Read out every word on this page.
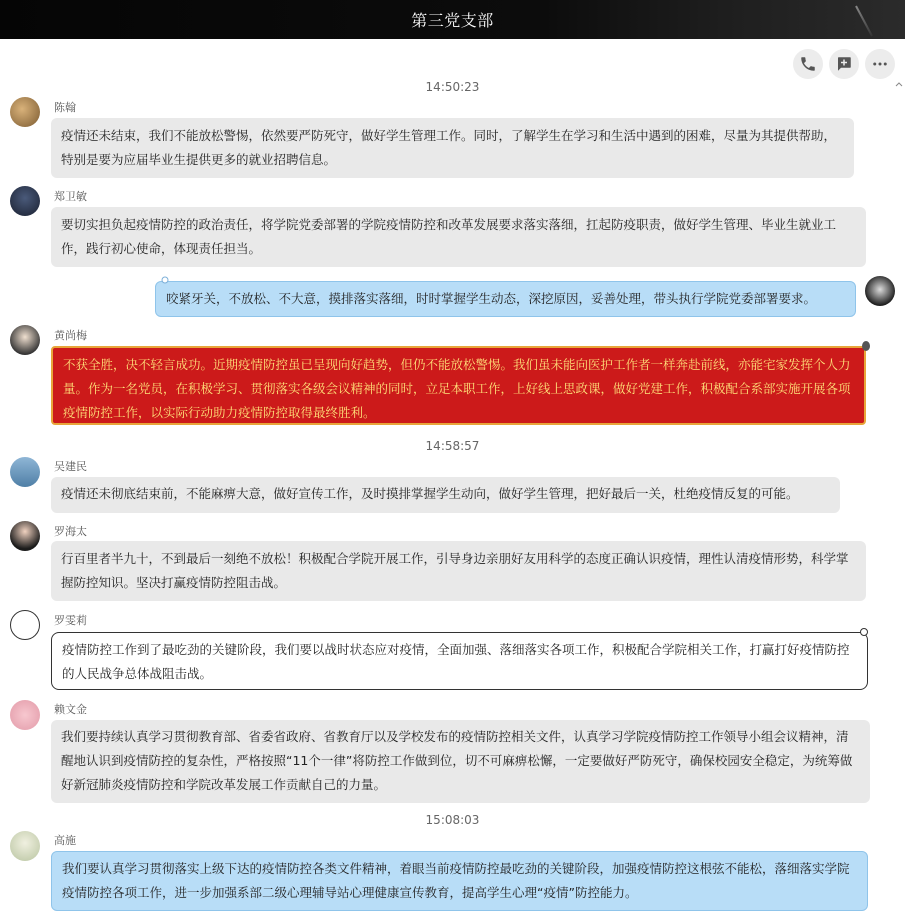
第三党支部
14:50:23
陈翰
疫情还未结束，我们不能放松警惕，依然要严防死守，做好学生管理工作。同时，了解学生在学习和生活中遇到的困难，尽量为其提供帮助，特别是要为应届毕业生提供更多的就业招聘信息。
郑卫敏
要切实担负起疫情防控的政治责任，将学院党委部署的学院疫情防控和改革发展要求落实落细，扛起防疫职责，做好学生管理、毕业生就业工作，践行初心使命，体现责任担当。
咬紧牙关，不放松、不大意，摸排落实落细，时时掌握学生动态，深挖原因，妥善处理，带头执行学院党委部署要求。
黄尚梅
不获全胜，决不轻言成功。近期疫情防控虽已呈现向好趋势，但仍不能放松警惕。我们虽未能向医护工作者一样奔赴前线，亦能宅家发挥个人力量。作为一名党员，在积极学习、贯彻落实各级会议精神的同时，立足本职工作，上好线上思政课，做好党建工作，积极配合系部实施开展各项疫情防控工作，以实际行动助力疫情防控取得最终胜利。
14:58:57
吴建民
疫情还未彻底结束前，不能麻痹大意，做好宣传工作，及时摸排掌握学生动向，做好学生管理，把好最后一关，杜绝疫情反复的可能。
罗海太
行百里者半九十，不到最后一刻绝不放松！积极配合学院开展工作，引导身边亲朋好友用科学的态度正确认识疫情，理性认清疫情形势，科学掌握防控知识。坚决打赢疫情防控阻击战。
罗雯莉
疫情防控工作到了最吃劲的关键阶段，我们要以战时状态应对疫情，全面加强、落细落实各项工作，积极配合学院相关工作，打赢打好疫情防控的人民战争总体战阻击战。
赖文金
我们要持续认真学习贯彻教育部、省委省政府、省教育厅以及学校发布的疫情防控相关文件，认真学习学院疫情防控工作领导小组会议精神，清醒地认识到疫情防控的复杂性，严格按照“11个一律”将防控工作做到位，切不可麻痹松懈，一定要做好严防死守，确保校园安全稳定，为统筹做好新冠肺炎疫情防控和学院改革发展工作贡献自己的力量。
15:08:03
高施
我们要认真学习贯彻落实上级下达的疫情防控各类文件精神，着眼当前疫情防控最吃劲的关键阶段，加强疫情防控这根弦不能松，落细落实学院疫情防控各项工作，进一步加强系部二级心理辅导站心理健康宣传教育，提高学生心理“疫情”防控能力。
